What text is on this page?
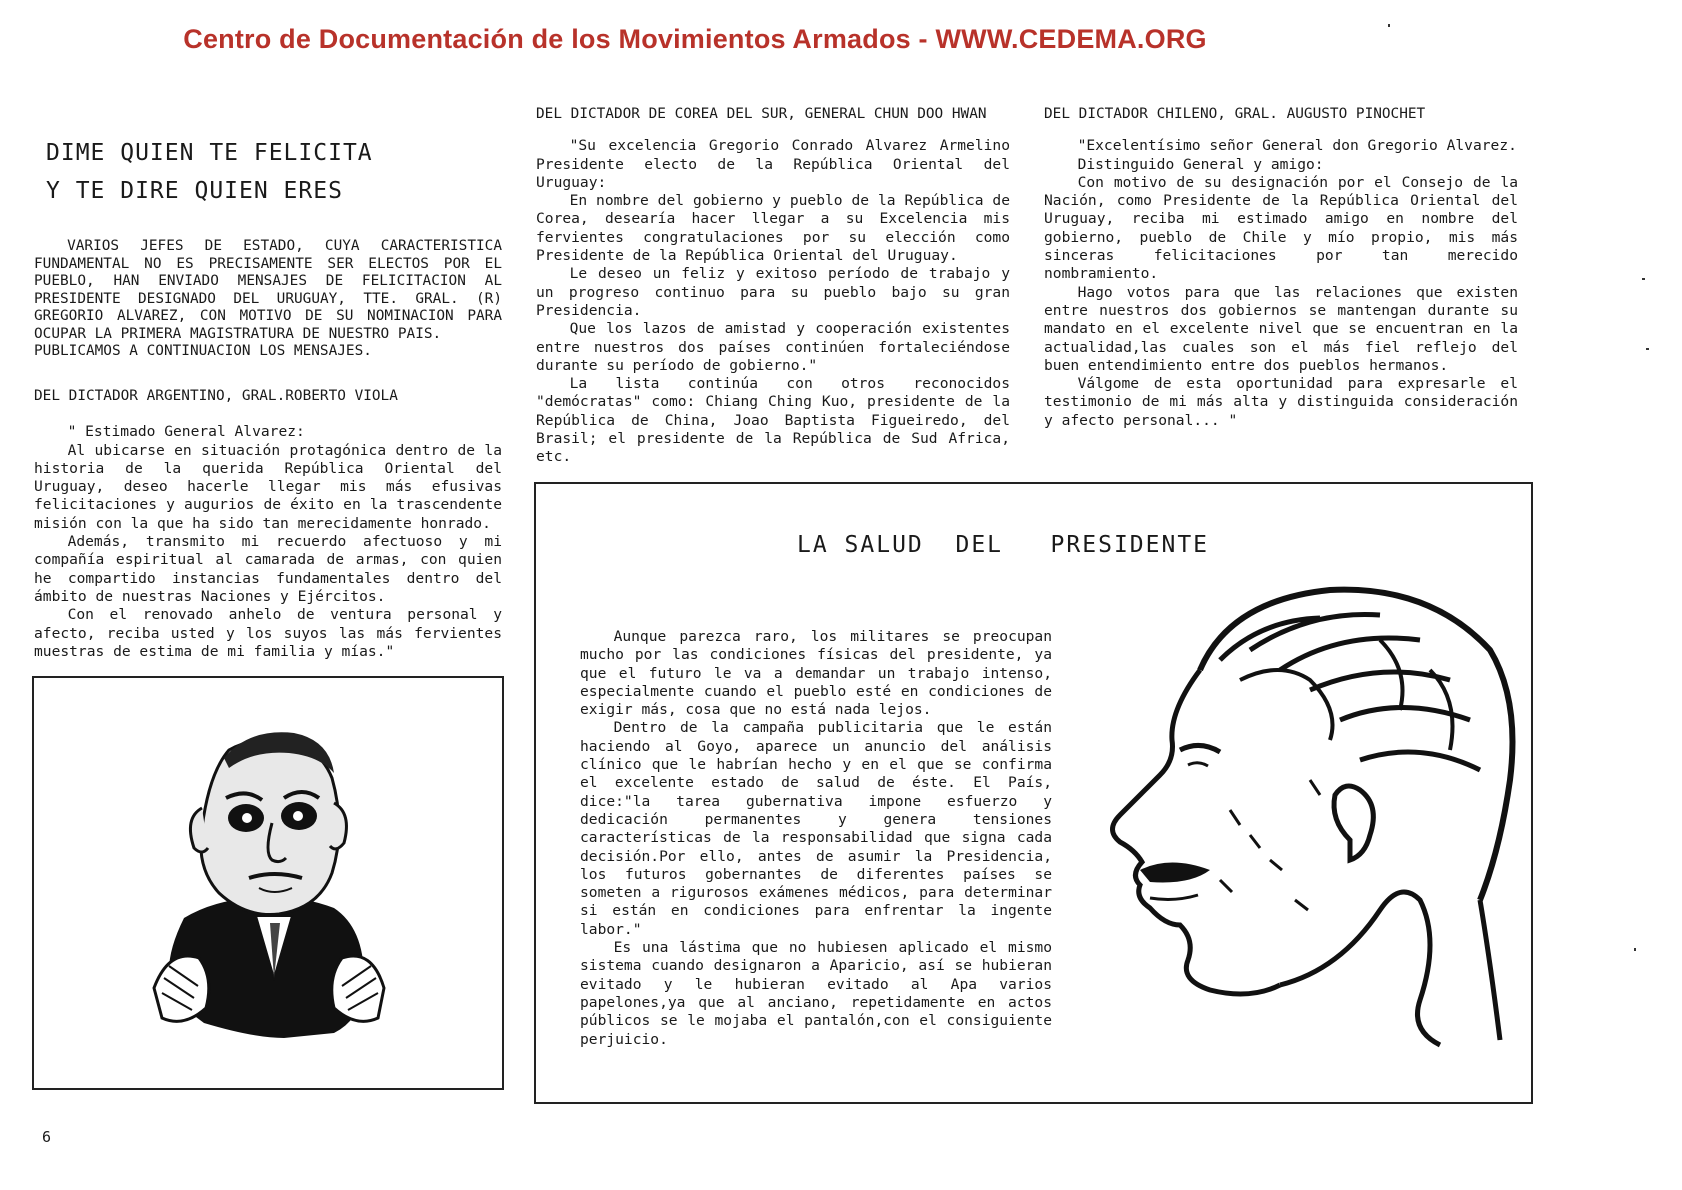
Centro de Documentación de los Movimientos Armados - WWW.CEDEMA.ORG
DIME QUIEN TE FELICITA
Y TE DIRE QUIEN ERES

VARIOS JEFES DE ESTADO, CUYA CARACTERISTICA FUNDAMENTAL NO ES PRECISAMENTE SER ELECTOS POR EL PUEBLO, HAN ENVIADO MENSAJES DE FELICITACION AL PRESIDENTE DESIGNADO DEL URUGUAY, TTE. GRAL. (R) GREGORIO ALVAREZ, CON MOTIVO DE SU NOMINACION PARA OCUPAR LA PRIMERA MAGISTRATURA DE NUESTRO PAIS.

PUBLICAMOS A CONTINUACION LOS MENSAJES.

DEL DICTADOR ARGENTINO, GRAL.ROBERTO VIOLA

" Estimado General Alvarez:

Al ubicarse en situación protagónica dentro de la historia de la querida República Oriental del Uruguay, deseo hacerle llegar mis más efusivas felicitaciones y augurios de éxito en la trascendente misión con la que ha sido tan merecidamente honrado.

Además, transmito mi recuerdo afectuoso y mi compañía espiritual al camarada de armas, con quien he compartido instancias fundamentales dentro del ámbito de nuestras Naciones y Ejércitos.

Con el renovado anhelo de ventura personal y afecto, reciba usted y los suyos las más fervientes muestras de estima de mi familia y mías."

DEL DICTADOR DE COREA DEL SUR, GENERAL CHUN DOO HWAN

"Su excelencia Gregorio Conrado Alvarez Armelino Presidente electo de la República Oriental del Uruguay:

En nombre del gobierno y pueblo de la República de Corea, desearía hacer llegar a su Excelencia mis fervientes congratulaciones por su elección como Presidente de la República Oriental del Uruguay.

Le deseo un feliz y exitoso período de trabajo y un progreso continuo para su pueblo bajo su gran Presidencia.

Que los lazos de amistad y cooperación existentes entre nuestros dos países continúen fortaleciéndose durante su período de gobierno."

La lista continúa con otros reconocidos "demócratas" como: Chiang Ching Kuo, presidente de la República de China, Joao Baptista Figueiredo, del Brasil; el presidente de la República de Sud Africa, etc.

DEL DICTADOR CHILENO, GRAL. AUGUSTO PINOCHET

"Excelentísimo señor General don Gregorio Alvarez.

Distinguido General y amigo:

Con motivo de su designación por el Consejo de la Nación, como Presidente de la República Oriental del Uruguay, reciba mi estimado amigo en nombre del gobierno, pueblo de Chile y mío propio, mis más sinceras felicitaciones por tan merecido nombramiento.

Hago votos para que las relaciones que existen entre nuestros dos gobiernos se mantengan durante su mandato en el excelente nivel que se encuentran en la actualidad,las cuales son el más fiel reflejo del buen entendimiento entre dos pueblos hermanos.

Válgome de esta oportunidad para expresarle el testimonio de mi más alta y distinguida consideración y afecto personal... "

LA SALUD  DEL   PRESIDENTE

Aunque parezca raro, los militares se preocupan mucho por las condiciones físicas del presidente, ya que el futuro le va a demandar un trabajo intenso, especialmente cuando el pueblo esté en condiciones de exigir más, cosa que no está nada lejos.

Dentro de la campaña publicitaria que le están haciendo al Goyo, aparece un anuncio del análisis clínico que le habrían hecho y en el que se confirma el excelente estado de salud de éste. El País, dice:"la tarea gubernativa impone esfuerzo y dedicación permanentes y genera tensiones características de la responsabilidad que signa cada decisión.Por ello, antes de asumir la Presidencia, los futuros gobernantes de diferentes países se someten a rigurosos exámenes médicos, para determinar si están en condiciones para enfrentar la ingente labor."

Es una lástima que no hubiesen aplicado el mismo sistema cuando designaron a Aparicio, así se hubieran evitado y le hubieran evitado al Apa varios papelones,ya que al anciano, repetidamente en actos públicos se le mojaba el pantalón,con el consiguiente perjuicio.

6
